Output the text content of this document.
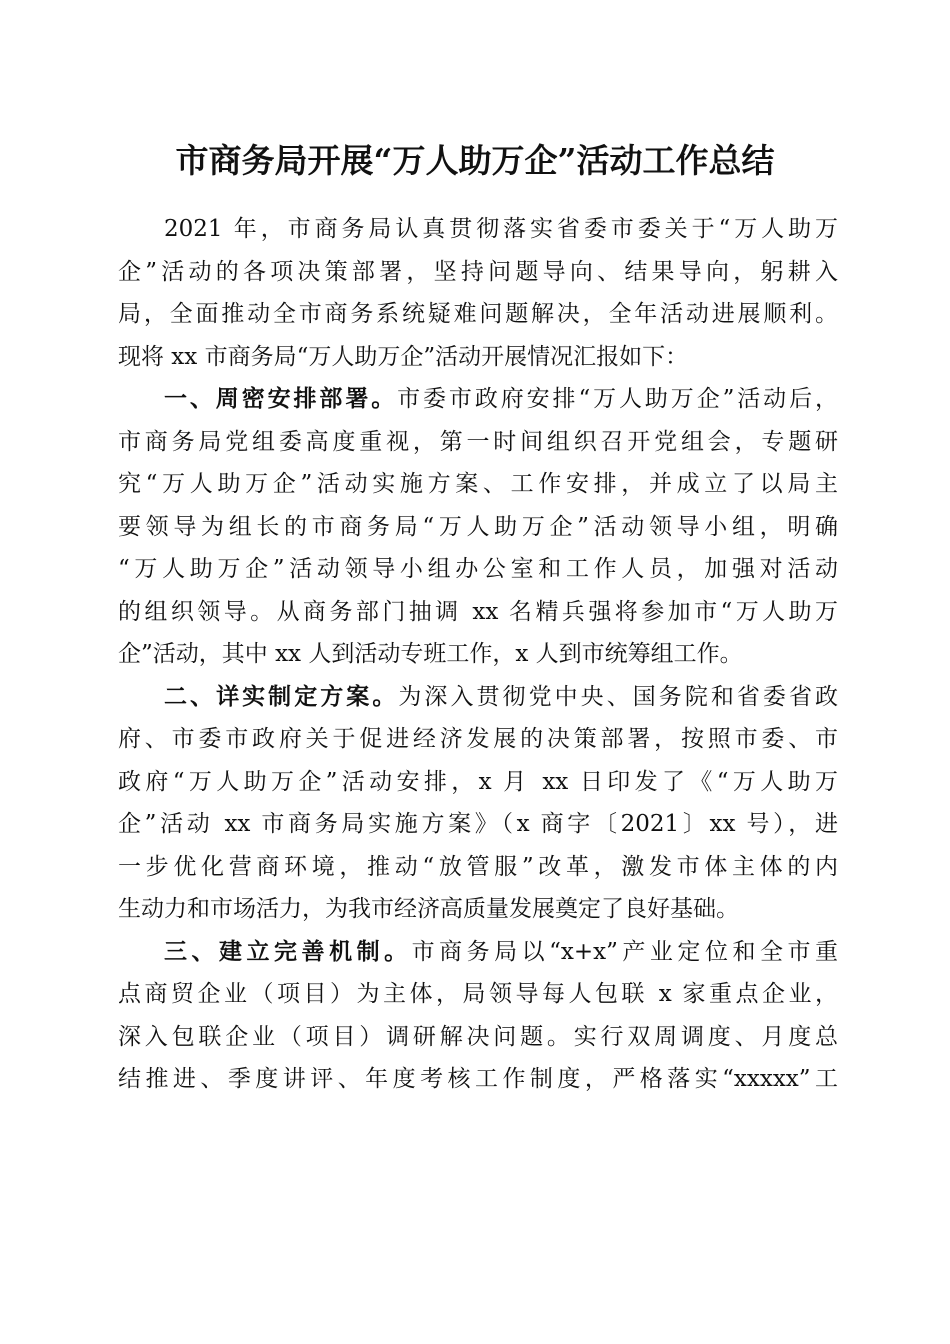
市商务局开展“万人助万企”活动工作总结
2021 年，市商务局认真贯彻落实省委市委关于“万人助万
企”活动的各项决策部署，坚持问题导向、结果导向，躬耕入
局，全面推动全市商务系统疑难问题解决，全年活动进展顺利。
现将 xx 市商务局“万人助万企”活动开展情况汇报如下：
一、周密安排部署。市委市政府安排“万人助万企”活动后，
市商务局党组委高度重视，第一时间组织召开党组会，专题研
究“万人助万企”活动实施方案、工作安排，并成立了以局主
要领导为组长的市商务局“万人助万企”活动领导小组，明确
“万人助万企”活动领导小组办公室和工作人员，加强对活动
的组织领导。从商务部门抽调 xx 名精兵强将参加市“万人助万
企”活动，其中 xx 人到活动专班工作，x 人到市统筹组工作。
二、详实制定方案。为深入贯彻党中央、国务院和省委省政
府、市委市政府关于促进经济发展的决策部署，按照市委、市
政府“万人助万企”活动安排，x 月 xx 日印发了《“万人助万
企”活动 xx 市商务局实施方案》（x 商字〔2021〕xx 号），进
一步优化营商环境，推动“放管服”改革，激发市体主体的内
生动力和市场活力，为我市经济高质量发展奠定了良好基础。
三、建立完善机制。市商务局以“x+x”产业定位和全市重
点商贸企业（项目）为主体，局领导每人包联 x 家重点企业，
深入包联企业（项目）调研解决问题。实行双周调度、月度总
结推进、季度讲评、年度考核工作制度，严格落实“xxxxx”工
